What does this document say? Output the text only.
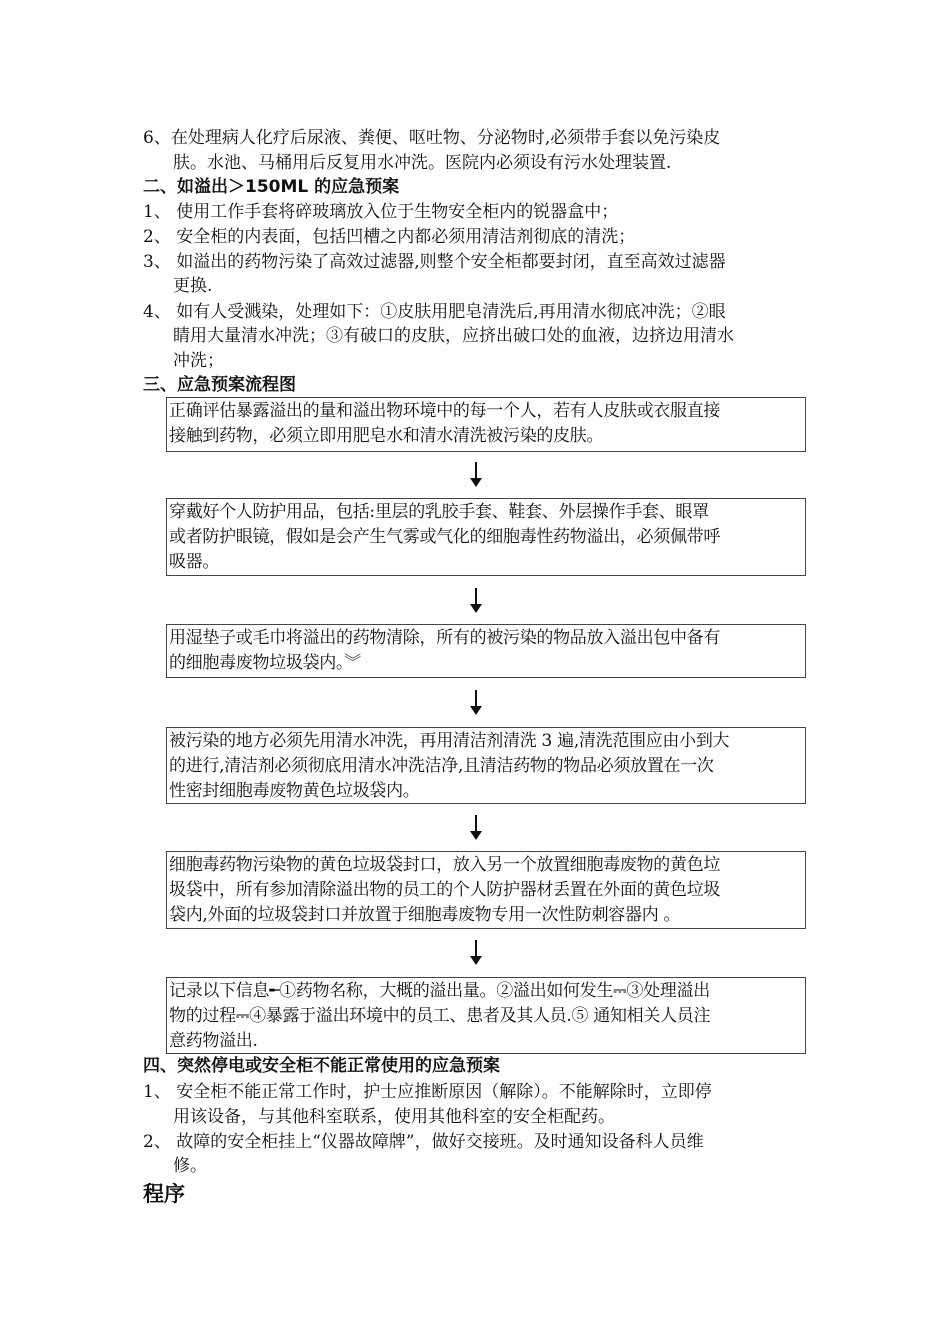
6、在处理病人化疗后尿液、粪便、呕吐物、分泌物时,必须带手套以免污染皮
肤。水池、马桶用后反复用水冲洗。医院内必须设有污水处理装置.
二、如溢出＞150ML 的应急预案
1、 使用工作手套将碎玻璃放入位于生物安全柜内的锐器盒中；
2、 安全柜的内表面，包括凹槽之内都必须用清洁剂彻底的清洗；
3、 如溢出的药物污染了高效过滤器,则整个安全柜都要封闭，直至高效过滤器
更换.
4、 如有人受溅染，处理如下：①皮肤用肥皂清洗后,再用清水彻底冲洗；②眼
睛用大量清水冲洗；③有破口的皮肤，应挤出破口处的血液，边挤边用清水
冲洗；
三、应急预案流程图
正确评估暴露溢出的量和溢出物环境中的每一个人，若有人皮肤或衣服直接
接触到药物，必须立即用肥皂水和清水清洗被污染的皮肤。
穿戴好个人防护用品，包括:里层的乳胶手套、鞋套、外层操作手套、眼罩
或者防护眼镜，假如是会产生气雾或气化的细胞毒性药物溢出，必须佩带呼
吸器。
用湿垫子或毛巾将溢出的药物清除，所有的被污染的物品放入溢出包中备有
的细胞毒废物垃圾袋内。︾
被污染的地方必须先用清水冲洗，再用清洁剂清洗 3 遍,清洗范围应由小到大
的进行,清洁剂必须彻底用清水冲洗洁净,且清洁药物的物品必须放置在一次
性密封细胞毒废物黄色垃圾袋内。
细胞毒药物污染物的黄色垃圾袋封口，放入另一个放置细胞毒废物的黄色垃
圾袋中，所有参加清除溢出物的员工的个人防护器材丢置在外面的黄色垃圾
袋内,外面的垃圾袋封口并放置于细胞毒废物专用一次性防刺容器内 。
记录以下信息╾①药物名称，大概的溢出量。②溢出如何发生⎓③处理溢出
物的过程⎓④暴露于溢出环境中的员工、患者及其人员.⑤ 通知相关人员注
意药物溢出.
四、突然停电或安全柜不能正常使用的应急预案
1、 安全柜不能正常工作时，护士应推断原因（解除）。不能解除时，立即停
用该设备，与其他科室联系，使用其他科室的安全柜配药。
2、 故障的安全柜挂上“仪器故障牌”，做好交接班。及时通知设备科人员维
修。
程序
